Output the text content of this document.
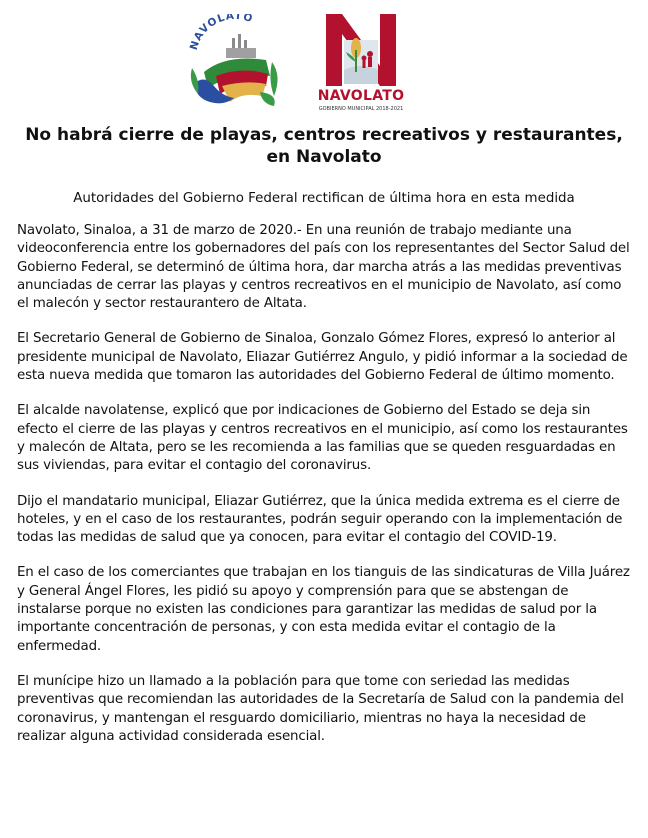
NAVOLATO
NAVOLATO
GOBIERNO MUNICIPAL 2018-2021
No habrá cierre de playas, centros recreativos y restaurantes, en Navolato
Autoridades del Gobierno Federal rectifican de última hora en esta medida

Navolato, Sinaloa, a 31 de marzo de 2020.- En una reunión de trabajo mediante una videoconferencia entre los gobernadores del país con los representantes del Sector Salud del Gobierno Federal, se determinó de última hora, dar marcha atrás a las medidas preventivas anunciadas de cerrar las playas y centros recreativos en el municipio de Navolato, así como el malecón y sector restaurantero de Altata.

El Secretario General de Gobierno de Sinaloa, Gonzalo Gómez Flores, expresó lo anterior al presidente municipal de Navolato, Eliazar Gutiérrez Angulo, y pidió informar a la sociedad de esta nueva medida que tomaron las autoridades del Gobierno Federal de último momento.

El alcalde navolatense, explicó que por indicaciones de Gobierno del Estado se deja sin efecto el cierre de las playas y centros recreativos en el municipio, así como los restaurantes y malecón de Altata, pero se les recomienda a las familias que se queden resguardadas en sus viviendas, para evitar el contagio del coronavirus.

Dijo el mandatario municipal, Eliazar Gutiérrez, que la única medida extrema es el cierre de hoteles, y en el caso de los restaurantes, podrán seguir operando con la implementación de todas las medidas de salud que ya conocen, para evitar el contagio del COVID-19.

En el caso de los comerciantes que trabajan en los tianguis de las sindicaturas de Villa Juárez y General Ángel Flores, les pidió su apoyo y comprensión para que se abstengan de instalarse porque no existen las condiciones para garantizar las medidas de salud por la importante concentración de personas, y con esta medida evitar el contagio de la enfermedad.

El munícipe hizo un llamado a la población para que tome con seriedad las medidas preventivas que recomiendan las autoridades de la Secretaría de Salud con la pandemia del coronavirus, y mantengan el resguardo domiciliario, mientras no haya la necesidad de realizar alguna actividad considerada esencial.
